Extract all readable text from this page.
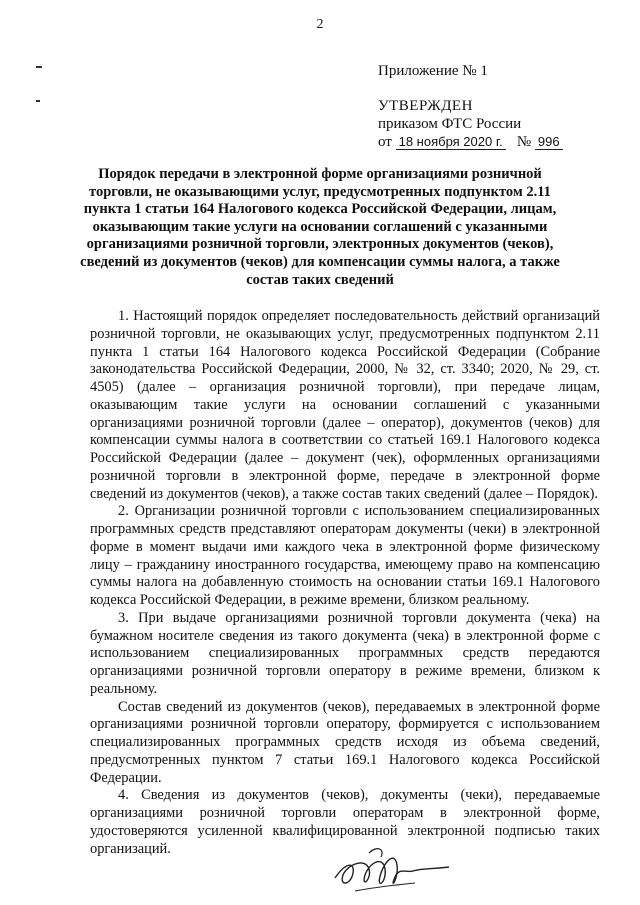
2
Приложение № 1
УТВЕРЖДЕН
приказом ФТС России
от 18 ноября 2020 г. № 996
Порядок передачи в электронной форме организациями розничной торговли, не оказывающими услуг, предусмотренных подпунктом 2.11 пункта 1 статьи 164 Налогового кодекса Российской Федерации, лицам, оказывающим такие услуги на основании соглашений с указанными организациями розничной торговли, электронных документов (чеков), сведений из документов (чеков) для компенсации суммы налога, а также состав таких сведений

1. Настоящий порядок определяет последовательность действий организаций розничной торговли, не оказывающих услуг, предусмотренных подпунктом 2.11 пункта 1 статьи 164 Налогового кодекса Российской Федерации (Собрание законодательства Российской Федерации, 2000, № 32, ст. 3340; 2020, № 29, ст. 4505) (далее – организация розничной торговли), при передаче лицам, оказывающим такие услуги на основании соглашений с указанными организациями розничной торговли (далее – оператор), документов (чеков) для компенсации суммы налога в соответствии со статьей 169.1 Налогового кодекса Российской Федерации (далее – документ (чек), оформленных организациями розничной торговли в электронной форме, передаче в электронной форме сведений из документов (чеков), а также состав таких сведений (далее – Порядок).

2. Организации розничной торговли с использованием специализированных программных средств представляют операторам документы (чеки) в электронной форме в момент выдачи ими каждого чека в электронной форме физическому лицу – гражданину иностранного государства, имеющему право на компенсацию суммы налога на добавленную стоимость на основании статьи 169.1 Налогового кодекса Российской Федерации, в режиме времени, близком реальному.

3. При выдаче организациями розничной торговли документа (чека) на бумажном носителе сведения из такого документа (чека) в электронной форме с использованием специализированных программных средств передаются организациями розничной торговли оператору в режиме времени, близком к реальному.

Состав сведений из документов (чеков), передаваемых в электронной форме организациями розничной торговли оператору, формируется с использованием специализированных программных средств исходя из объема сведений, предусмотренных пунктом 7 статьи 169.1 Налогового кодекса Российской Федерации.

4. Сведения из документов (чеков), документы (чеки), передаваемые организациями розничной торговли операторам в электронной форме, удостоверяются усиленной квалифицированной электронной подписью таких организаций.
